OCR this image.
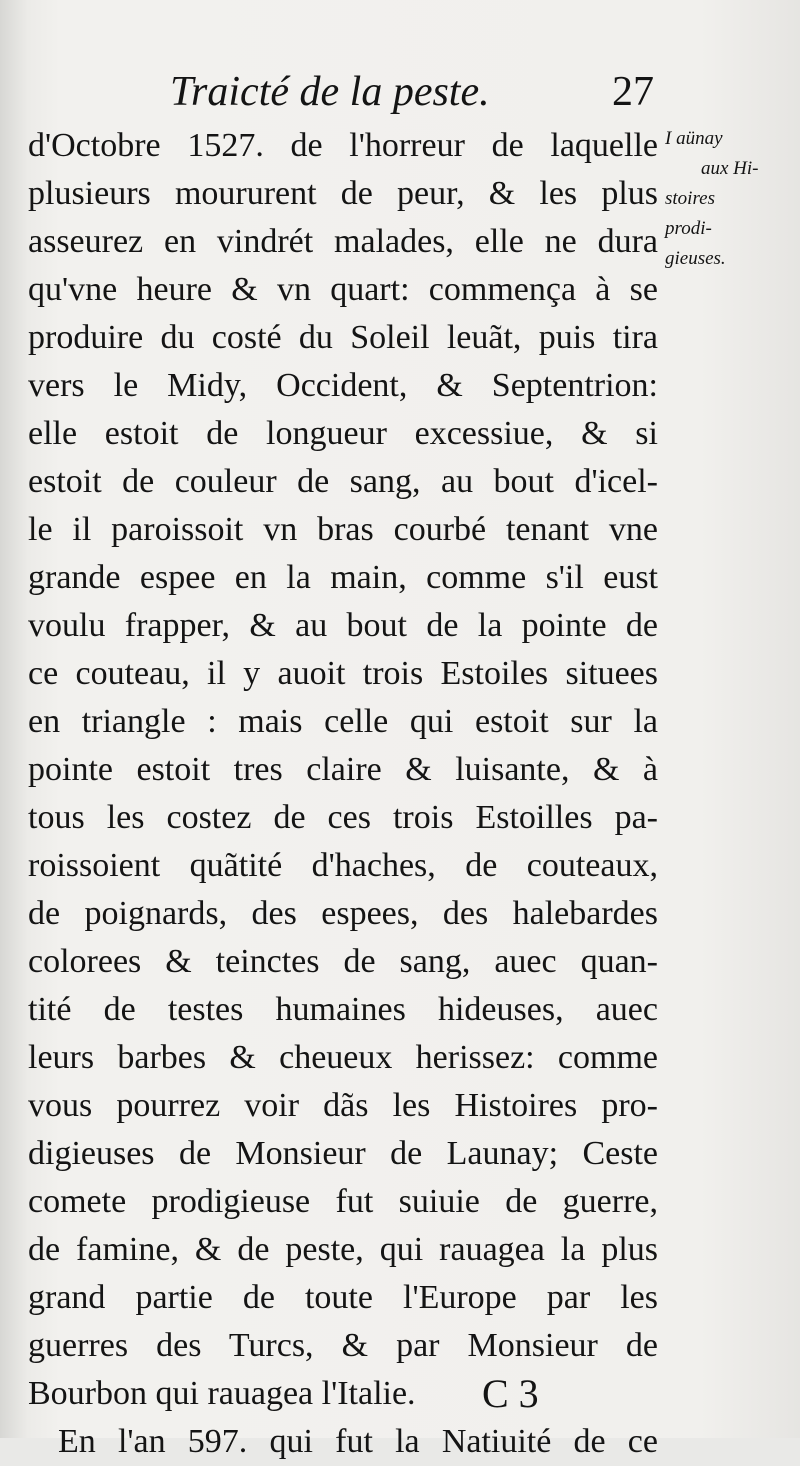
Traicté de la peste.	27
d'Octobre 1527. de l'horreur de laquelle
plusieurs moururent de peur, & les plus
asseurez en vindrét malades, elle ne dura
qu'vne heure & vn quart: commença à se
produire du costé du Soleil leuãt, puis tira
vers le Midy, Occident, & Septentrion:
elle estoit de longueur excessiue, & si
estoit de couleur de sang, au bout d'icel-
le il paroissoit vn bras courbé tenant vne
grande espee en la main, comme s'il eust
voulu frapper, & au bout de la pointe de
ce couteau, il y auoit trois Estoiles situees
en triangle : mais celle qui estoit sur la
pointe estoit tres claire & luisante, & à
tous les costez de ces trois Estoilles pa-
roissoient quãtité d'haches, de couteaux,
de poignards, des espees, des halebardes
colorees & teinctes de sang, auec quan-
tité de testes humaines hideuses, auec
leurs barbes & cheueux herissez: comme
vous pourrez voir dãs les Histoires pro-
digieuses de Monsieur de Launay; Ceste
comete prodigieuse fut suiuie de guerre,
de famine, & de peste, qui rauagea la plus
grand partie de toute l'Europe par les
guerres des Turcs, & par Monsieur de
Bourbon qui rauagea l'Italie.
En l'an 597. qui fut la Natiuité de ce
I aünay
aux Hi-
stoires
prodi-
gieuses.
C 3
